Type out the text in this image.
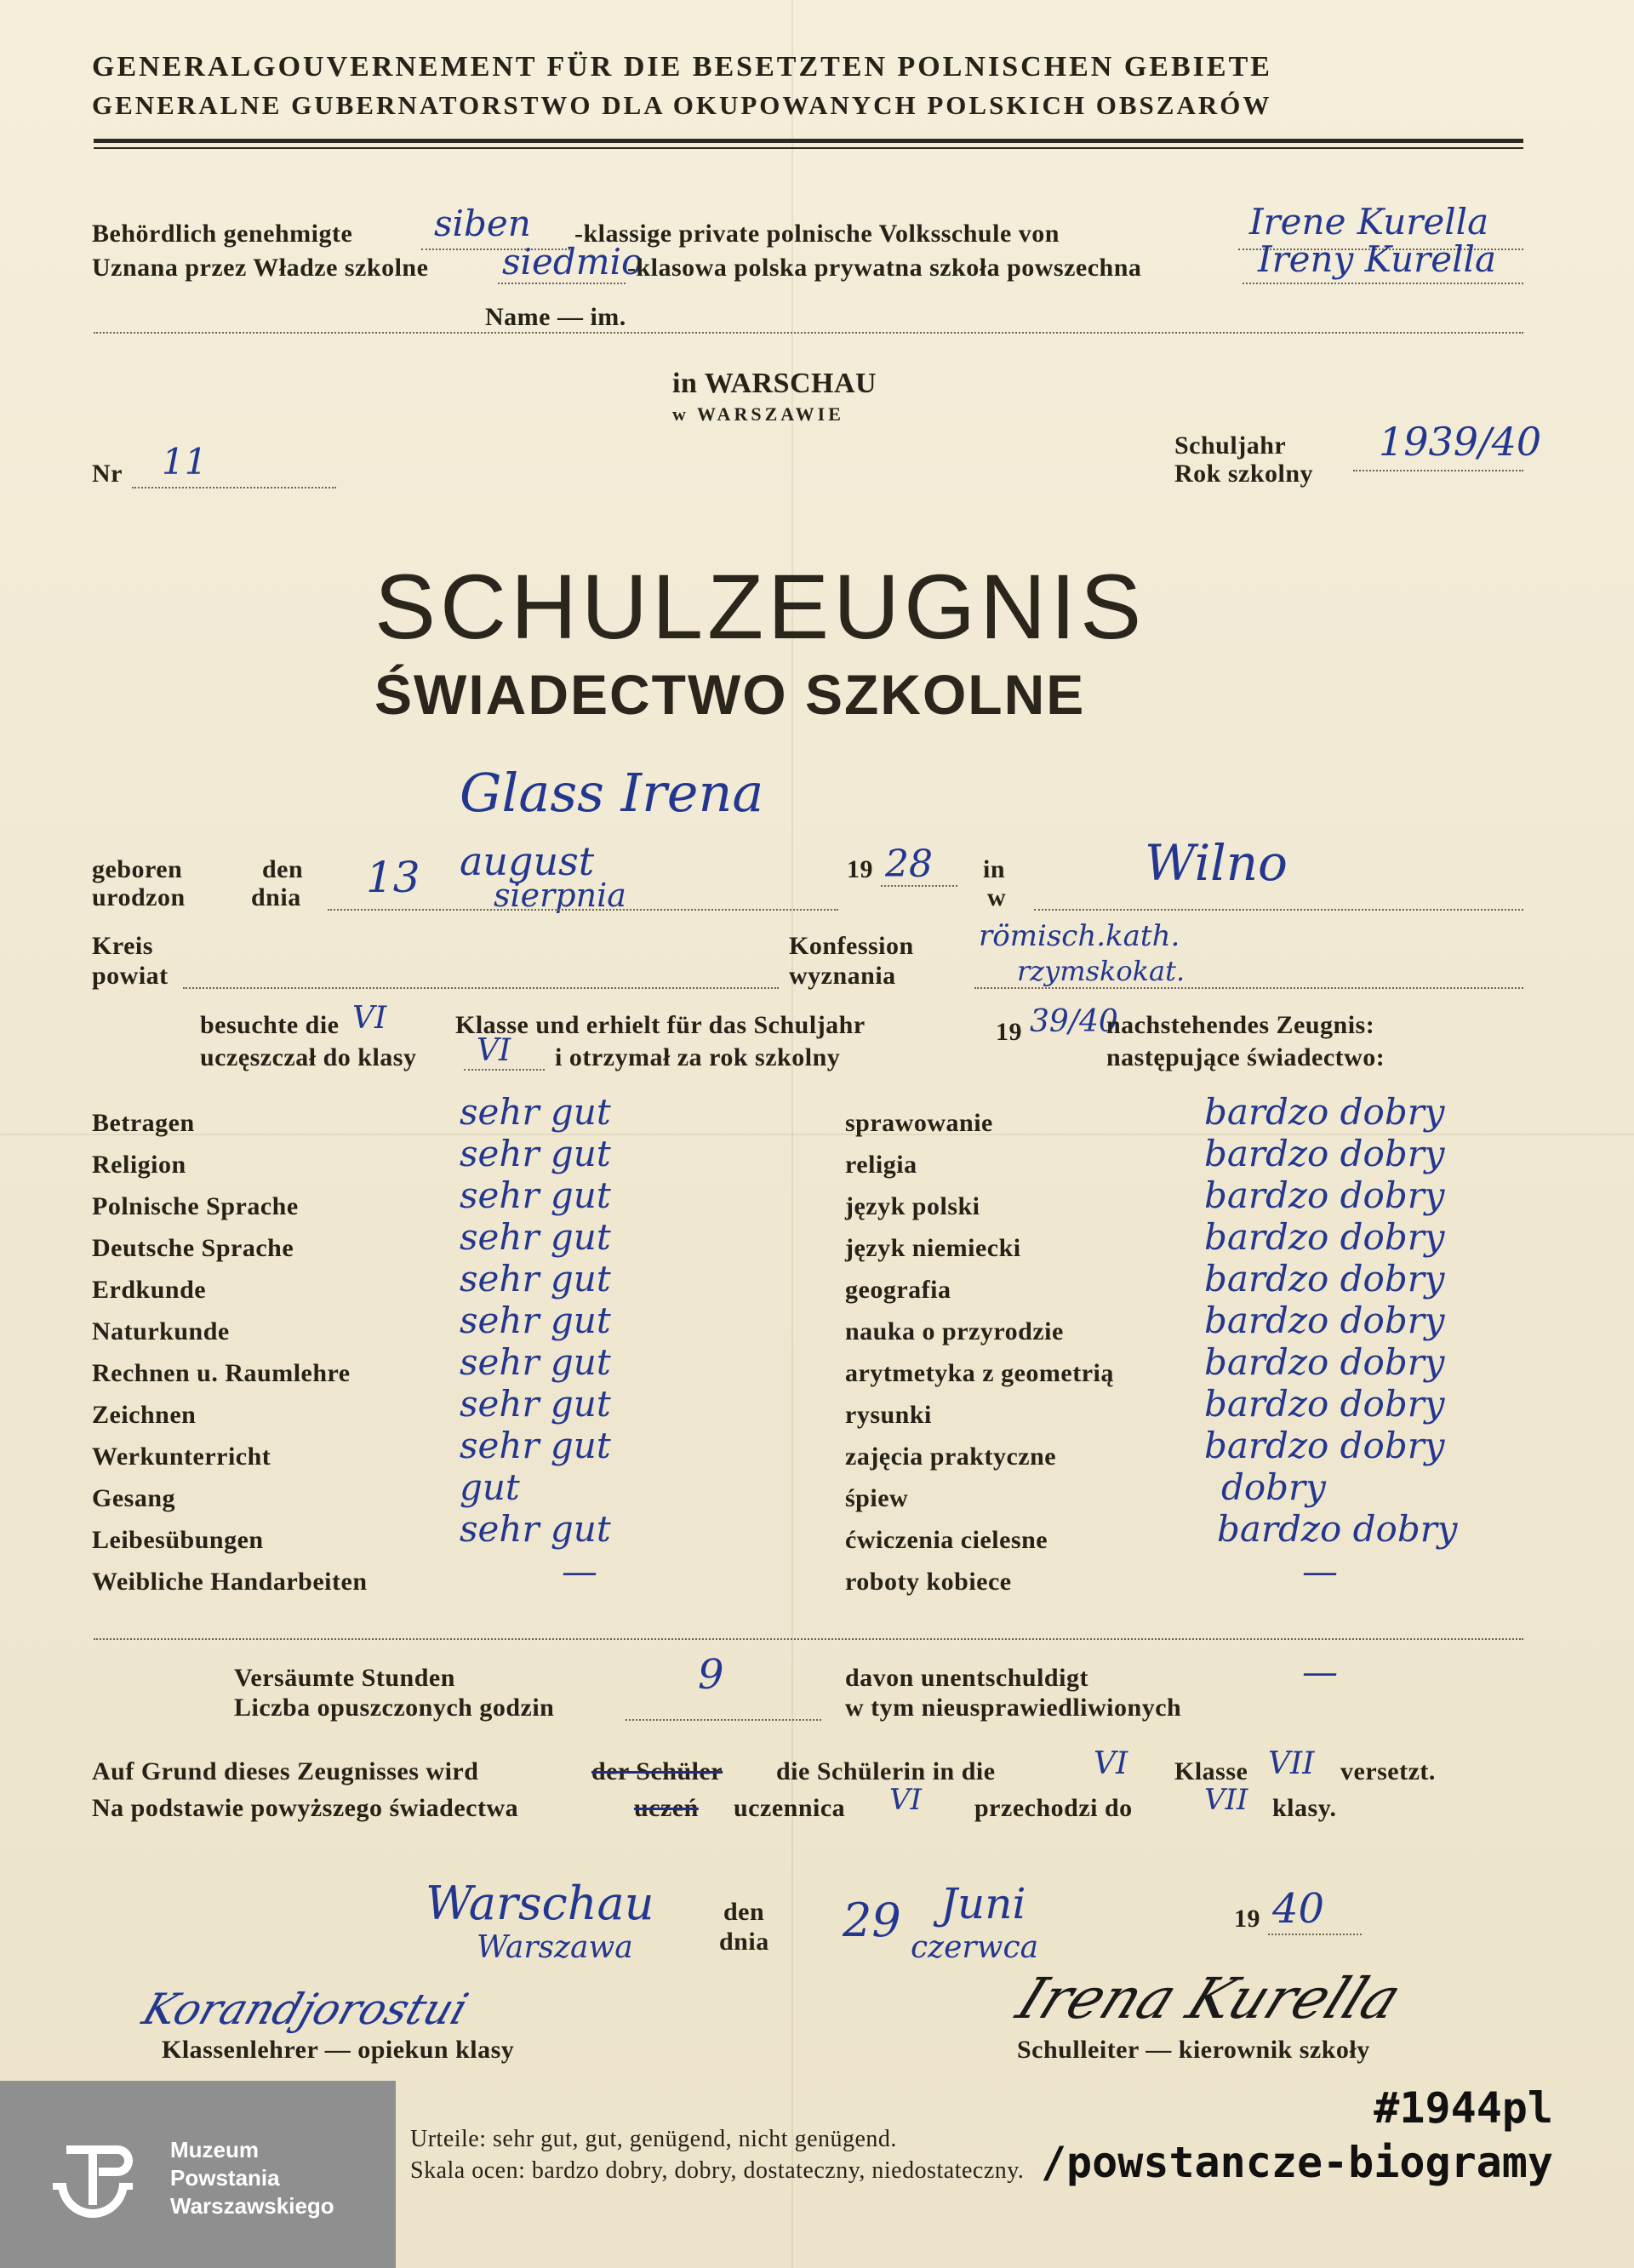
GENERALGOUVERNEMENT FÜR DIE BESETZTEN POLNISCHEN GEBIETE
GENERALNE GUBERNATORSTWO DLA OKUPOWANYCH POLSKICH OBSZARÓW
Behördlich genehmigte siben -klassige private polnische Volksschule von	Irene Kurella
Uznana przez Władze szkolne siedmio
-klasowa polska prywatna szkoła powszechna	Ireny Kurella
Name — im.
in WARSCHAU
w WARSZAWIE
Nr 11	Schuljahr
Rok szkolny
1939/40
SCHULZEUGNIS
ŚWIADECTWO SZKOLNE
Glass Irena
geboren
urodzon
den
dnia 13 august
sierpnia
19 28 in
w
Wilno
Kreis
powiat
Konfession
wyznania
römisch.kath.
rzymskokat.
besuchte die VI	Klasse und erhielt für das Schuljahr	19 39/40
nachstehendes Zeugnis:
uczęszczał do klasy VI i otrzymał za rok szkolny	następujące świadectwo:
Betragen	sehr gut	sprawowanie	bardzo dobry
Religion	sehr gut	religia	bardzo dobry
Polnische Sprache	sehr gut	język polski	bardzo dobry
Deutsche Sprache	sehr gut	język niemiecki	bardzo dobry
Erdkunde	sehr gut	geografia	bardzo dobry
Naturkunde	sehr gut	nauka o przyrodzie	bardzo dobry
Rechnen u. Raumlehre	sehr gut	arytmetyka z geometrią	bardzo dobry
Zeichnen	sehr gut	rysunki	bardzo dobry
Werkunterricht	sehr gut	zajęcia praktyczne	bardzo dobry
Gesang	gut	śpiew	dobry
Leibesübungen	sehr gut	ćwiczenia cielesne	bardzo dobry
Weibliche Handarbeiten	—	roboty kobiece	—
Versäumte Stunden
Liczba opuszczonych godzin
9	davon unentschuldigt
w tym nieusprawiedliwionych
—
Auf Grund dieses Zeugnisses wird	der Schüler die Schülerin in die	VI Klasse VII versetzt.
Na podstawie powyższego świadectwa	uczeń uczennica VI przechodzi do VII klasy.
Warschau
Warszawa
den
dnia 29 Juni
czerwca
19 40
Korandjorostui
Klassenlehrer — opiekun klasy
Irena Kurella
Schulleiter — kierownik szkoły
Urteile: sehr gut, gut, genügend, nicht genügend.
Skala ocen: bardzo dobry, dobry, dostateczny, niedostateczny.
Muzeum
Powstania
Warszawskiego
#1944pl
/powstancze-biogramy
